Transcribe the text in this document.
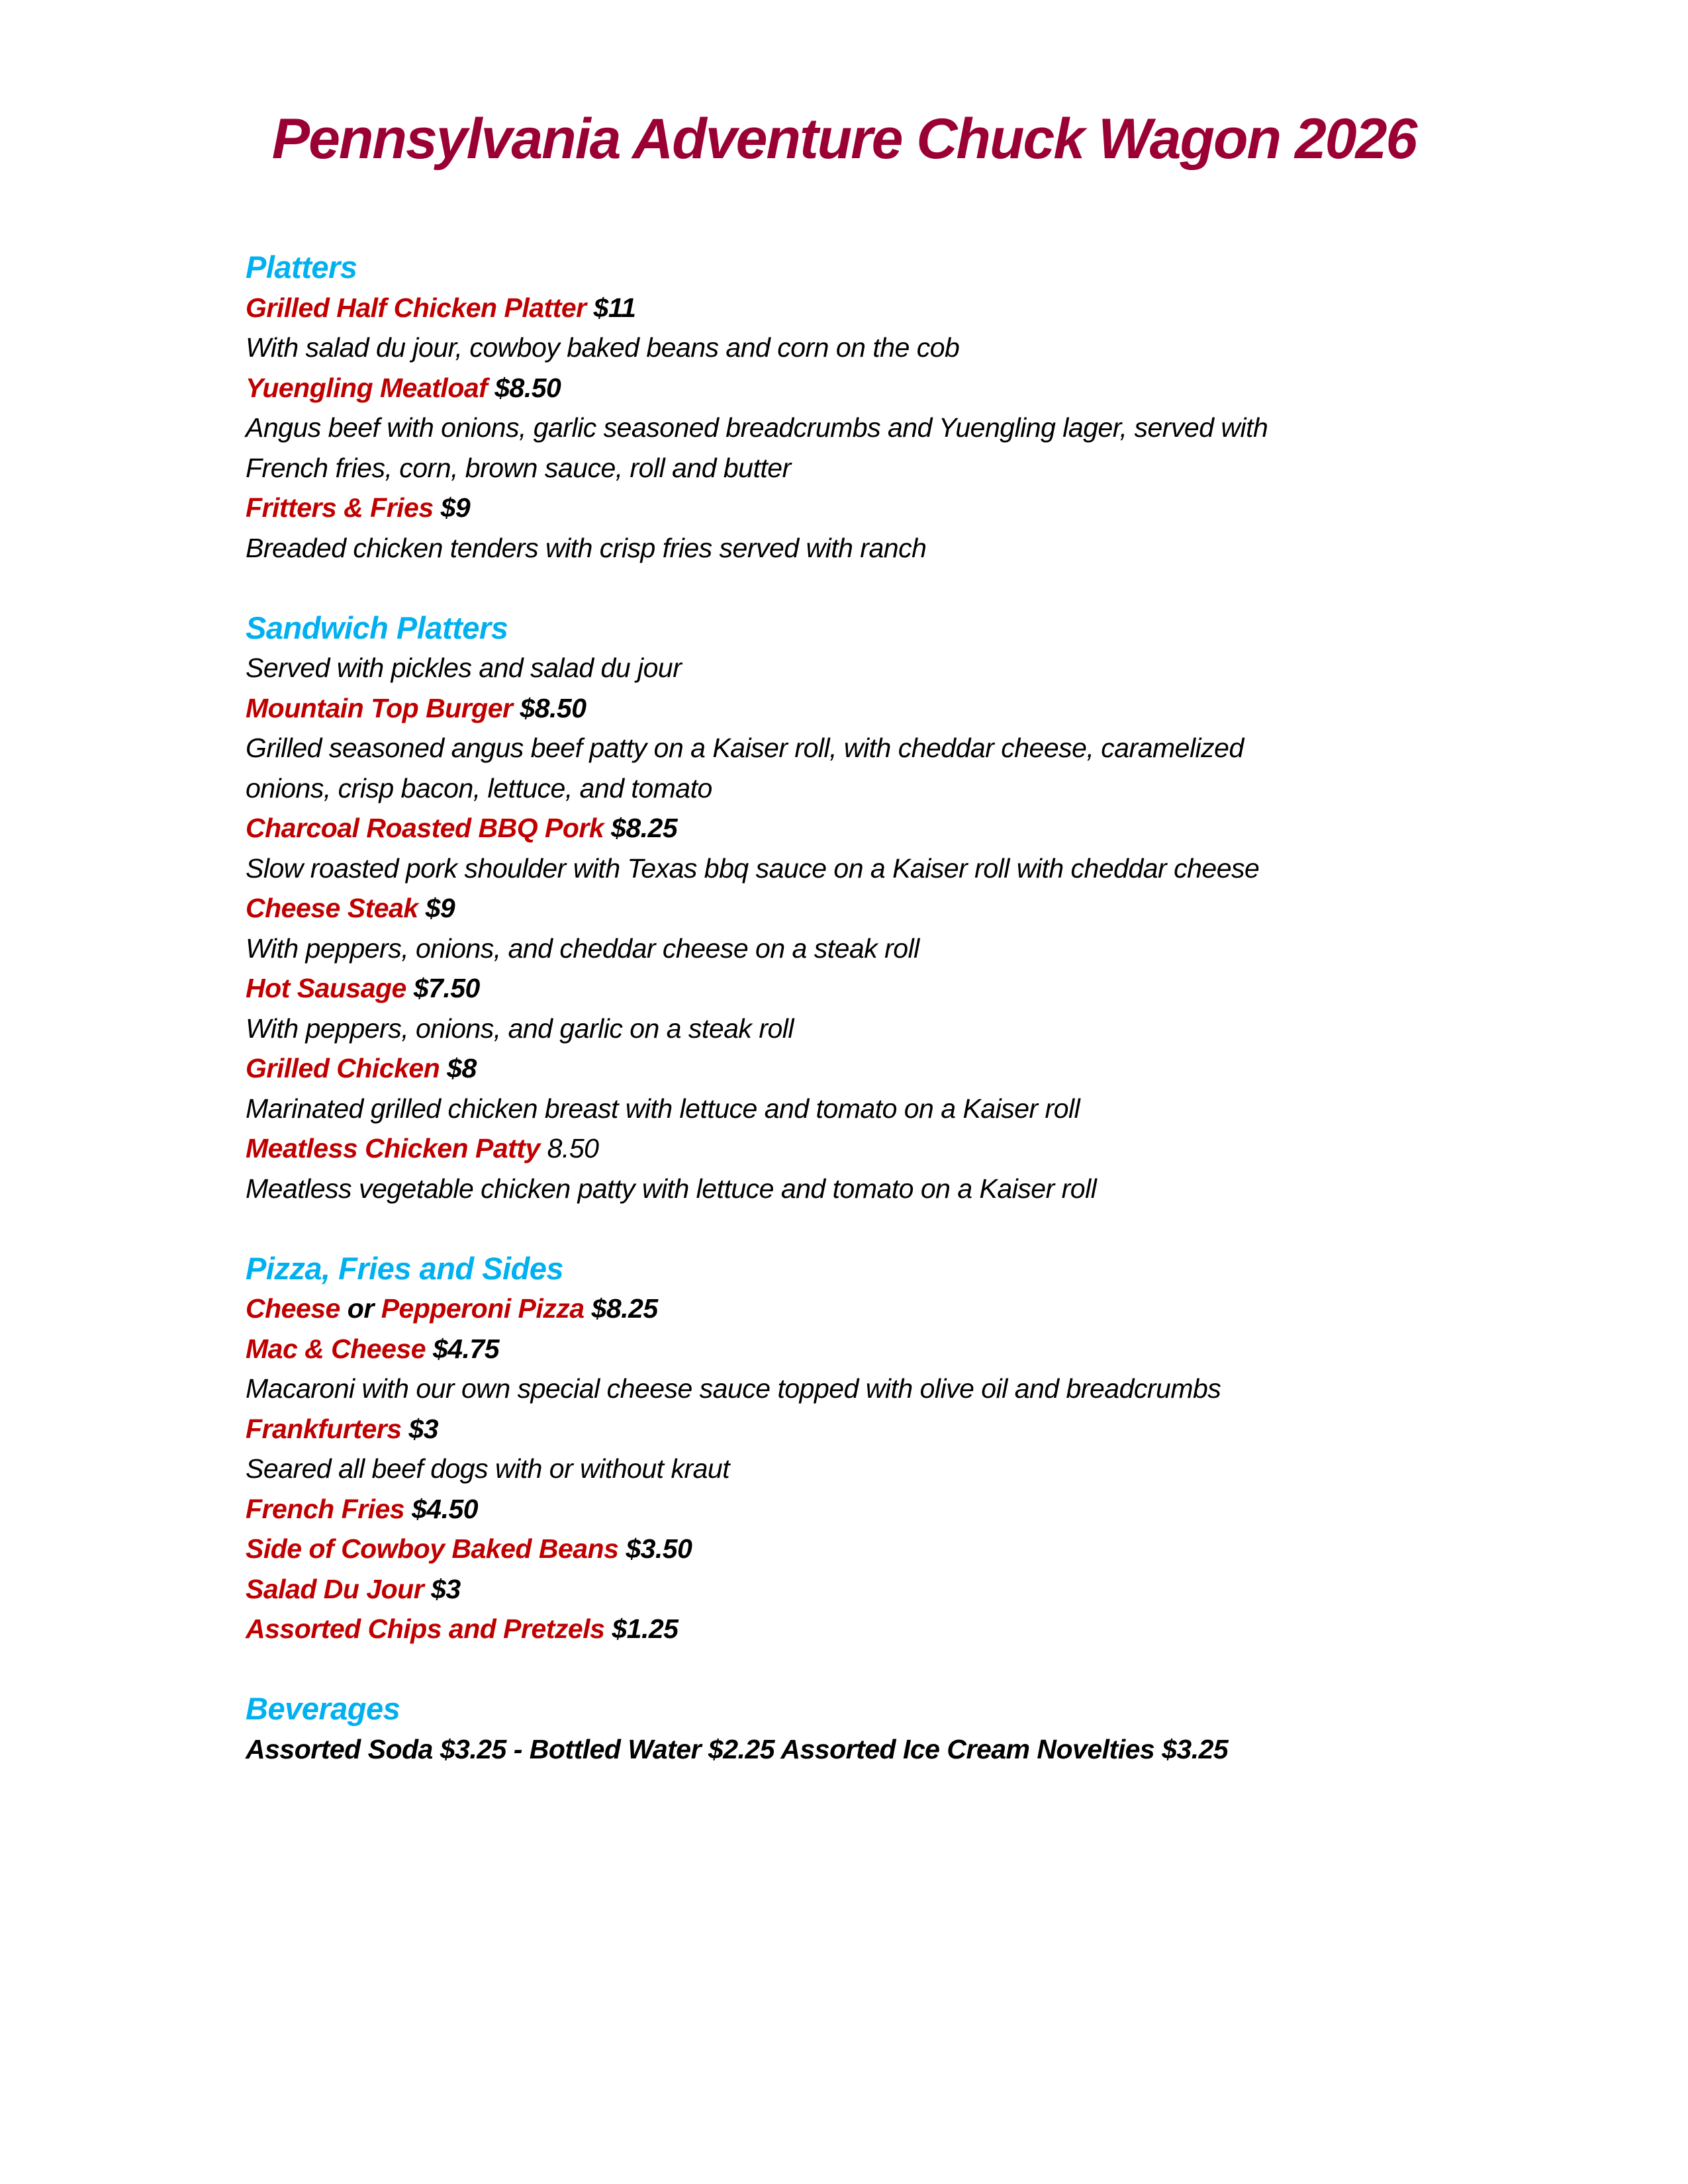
Pennsylvania Adventure Chuck Wagon 2026
Platters
Grilled Half Chicken Platter $11
With salad du jour, cowboy baked beans and corn on the cob
Yuengling Meatloaf $8.50
Angus beef with onions, garlic seasoned breadcrumbs and Yuengling lager, served with
French fries, corn, brown sauce, roll and butter
Fritters & Fries $9
Breaded chicken tenders with crisp fries served with ranch
Sandwich Platters
Served with pickles and salad du jour
Mountain Top Burger $8.50
Grilled seasoned angus beef patty on a Kaiser roll, with cheddar cheese, caramelized
onions, crisp bacon, lettuce, and tomato
Charcoal Roasted BBQ Pork $8.25
Slow roasted pork shoulder with Texas bbq sauce on a Kaiser roll with cheddar cheese
Cheese Steak $9
With peppers, onions, and cheddar cheese on a steak roll
Hot Sausage $7.50
With peppers, onions, and garlic on a steak roll
Grilled Chicken $8
Marinated grilled chicken breast with lettuce and tomato on a Kaiser roll
Meatless Chicken Patty 8.50
Meatless vegetable chicken patty with lettuce and tomato on a Kaiser roll
Pizza, Fries and Sides
Cheese or Pepperoni Pizza $8.25
Mac & Cheese $4.75
Macaroni with our own special cheese sauce topped with olive oil and breadcrumbs
Frankfurters $3
Seared all beef dogs with or without kraut
French Fries $4.50
Side of Cowboy Baked Beans $3.50
Salad Du Jour $3
Assorted Chips and Pretzels $1.25
Beverages
Assorted Soda $3.25 - Bottled Water $2.25 Assorted Ice Cream Novelties $3.25
